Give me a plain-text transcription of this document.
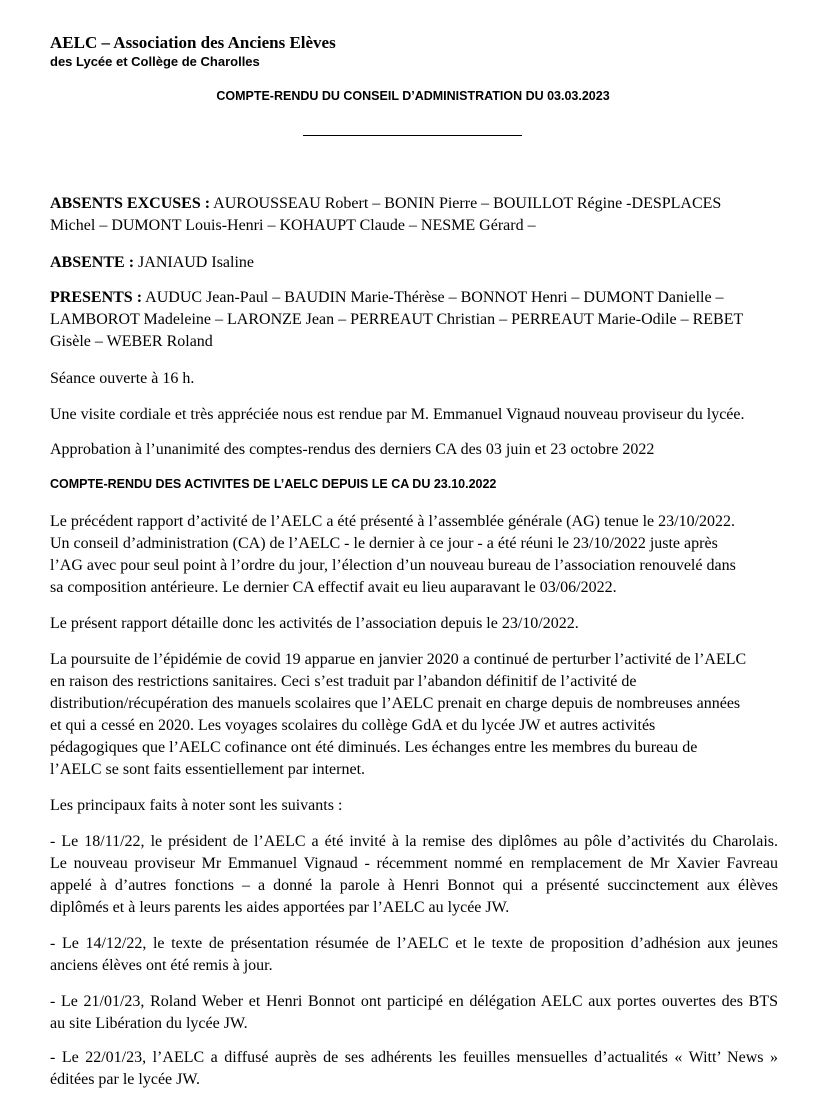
AELC – Association des Anciens Elèves
des Lycée et Collège de Charolles
COMPTE-RENDU DU CONSEIL D’ADMINISTRATION DU 03.03.2023
ABSENTS EXCUSES : AUROUSSEAU Robert – BONIN Pierre – BOUILLOT Régine -DESPLACES
Michel – DUMONT Louis-Henri – KOHAUPT Claude – NESME Gérard –
ABSENTE : JANIAUD Isaline
PRESENTS : AUDUC Jean-Paul – BAUDIN Marie-Thérèse – BONNOT Henri – DUMONT Danielle –
LAMBOROT Madeleine – LARONZE Jean – PERREAUT Christian – PERREAUT Marie-Odile – REBET
Gisèle – WEBER Roland
Séance ouverte à 16 h.
Une visite cordiale et très appréciée nous est rendue par M. Emmanuel Vignaud nouveau proviseur du lycée.
Approbation à l’unanimité des comptes-rendus des derniers CA des 03 juin et 23 octobre 2022
COMPTE-RENDU DES ACTIVITES DE L’AELC DEPUIS LE CA DU 23.10.2022
Le précédent rapport d’activité de l’AELC a été présenté à l’assemblée générale (AG) tenue le 23/10/2022.
Un conseil d’administration (CA) de l’AELC - le dernier à ce jour - a été réuni le 23/10/2022 juste après
l’AG avec pour seul point à l’ordre du jour, l’élection d’un nouveau bureau de l’association renouvelé dans
sa composition antérieure. Le dernier CA effectif avait eu lieu auparavant le 03/06/2022.
Le présent rapport détaille donc les activités de l’association depuis le 23/10/2022.
La poursuite de l’épidémie de covid 19 apparue en janvier 2020 a continué de perturber l’activité de l’AELC
en raison des restrictions sanitaires. Ceci s’est traduit par l’abandon définitif de l’activité de
distribution/récupération des manuels scolaires que l’AELC prenait en charge depuis de nombreuses années
et qui a cessé en 2020. Les voyages scolaires du collège GdA et du lycée JW et autres activités
pédagogiques que l’AELC cofinance ont été diminués. Les échanges entre les membres du bureau de
l’AELC se sont faits essentiellement par internet.
Les principaux faits à noter sont les suivants :
- Le 18/11/22, le président de l’AELC a été invité à la remise des diplômes au pôle d’activités du Charolais.
Le nouveau proviseur Mr Emmanuel Vignaud - récemment nommé en remplacement de Mr Xavier Favreau
appelé à d’autres fonctions – a donné la parole à Henri Bonnot qui a présenté succinctement aux élèves
diplômés et à leurs parents les aides apportées par l’AELC au lycée JW.
- Le 14/12/22, le texte de présentation résumée de l’AELC et le texte de proposition d’adhésion aux jeunes
anciens élèves ont été remis à jour.
- Le 21/01/23, Roland Weber et Henri Bonnot ont participé en délégation AELC aux portes ouvertes des BTS
au site Libération du lycée JW.
- Le 22/01/23, l’AELC a diffusé auprès de ses adhérents les feuilles mensuelles d’actualités « Witt’ News »
éditées par le lycée JW.
